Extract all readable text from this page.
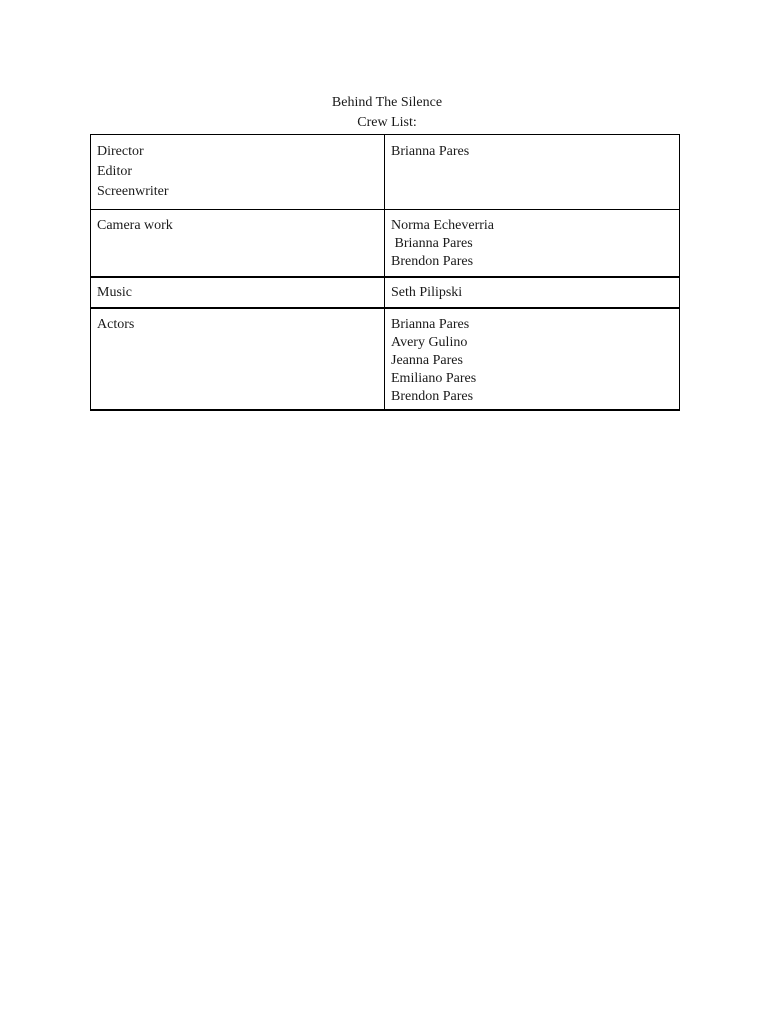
Behind The Silence
Crew List:
Director
Editor
Screenwriter	Brianna Pares

Camera work	Norma Echeverria
Brianna Pares
Brendon Pares

Music	Seth Pilipski

Actors	Brianna Pares
Avery Gulino
Jeanna Pares
Emiliano Pares
Brendon Pares
